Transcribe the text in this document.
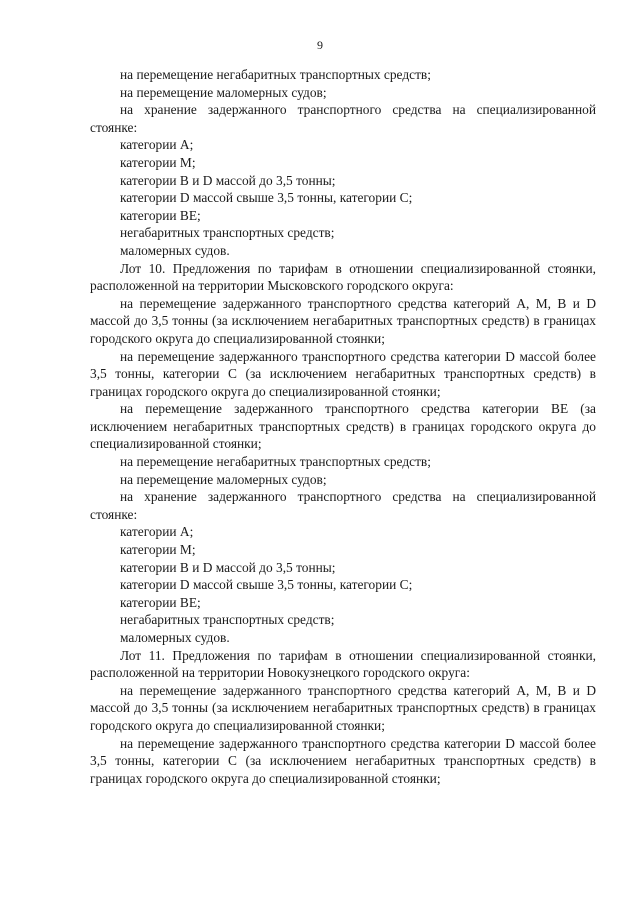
9

на перемещение негабаритных транспортных средств;

на перемещение маломерных судов;

на хранение задержанного транспортного средства на специализированной стоянке:

категории А;

категории М;

категории B и D массой до 3,5 тонны;

категории D массой свыше 3,5 тонны, категории С;

категории ВЕ;

негабаритных транспортных средств;

маломерных судов.

Лот 10. Предложения по тарифам в отношении специализированной стоянки, расположенной на территории Мысковского городского округа:

на перемещение задержанного транспортного средства категорий А, М, В и D массой до 3,5 тонны (за исключением негабаритных транспортных средств) в границах городского округа до специализированной стоянки;

на перемещение задержанного транспортного средства категории D массой более 3,5 тонны, категории С (за исключением негабаритных транспортных средств) в границах городского округа до специализированной стоянки;

на перемещение задержанного транспортного средства категории ВЕ (за исключением негабаритных транспортных средств) в границах городского округа до специализированной стоянки;

на перемещение негабаритных транспортных средств;

на перемещение маломерных судов;

на хранение задержанного транспортного средства на специализированной стоянке:

категории А;

категории М;

категории B и D массой до 3,5 тонны;

категории D массой свыше 3,5 тонны, категории С;

категории ВЕ;

негабаритных транспортных средств;

маломерных судов.

Лот 11. Предложения по тарифам в отношении специализированной стоянки, расположенной на территории Новокузнецкого городского округа:

на перемещение задержанного транспортного средства категорий А, М, В и D массой до 3,5 тонны (за исключением негабаритных транспортных средств) в границах городского округа до специализированной стоянки;

на перемещение задержанного транспортного средства категории D массой более 3,5 тонны, категории С (за исключением негабаритных транспортных средств) в границах городского округа до специализированной стоянки;
